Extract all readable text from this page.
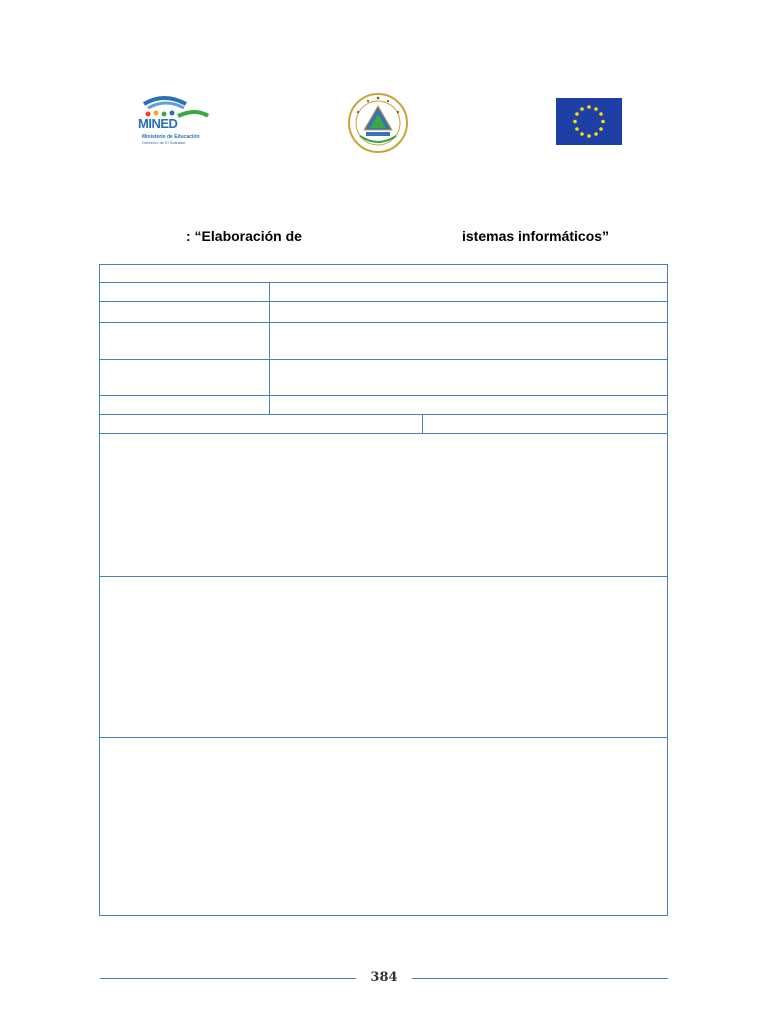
MINED
Ministerio de Educación
Gobierno de El Salvador
: “Elaboración de	istemas informáticos”
384
